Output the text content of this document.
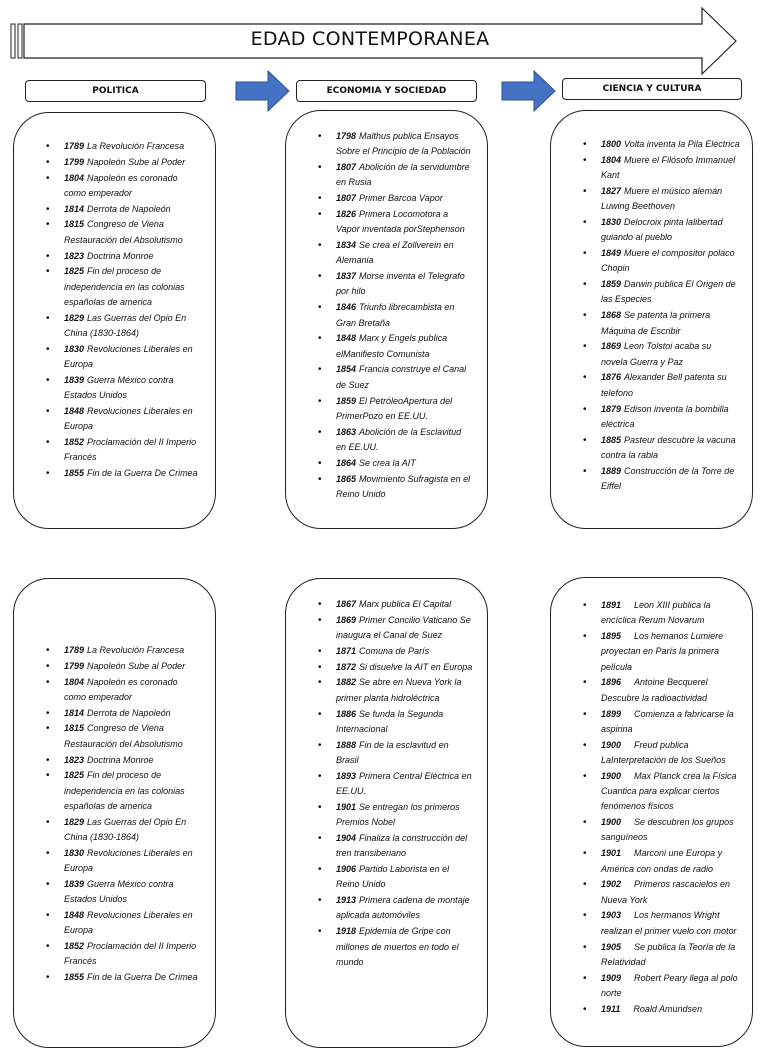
EDAD CONTEMPORANEA
POLITICA	ECONOMIA Y SOCIEDAD	CIENCIA Y CULTURA
• 1789 La Revolución Francesa
• 1799 Napoleón Sube al Poder
• 1804 Napoleón es coronado como emperador
• 1814 Derrota de Napoleón
• 1815 Congreso de Viena Restauración del Absolutismo
• 1823 Doctrina Monroe
• 1825 Fin del proceso de independencia en las colonias españolas de america
• 1829 Las Guerras del Opio En China (1830-1864)
• 1830 Revoluciones Liberales en Europa
• 1839 Guerra México contra Estados Unidos
• 1848 Revoluciones Liberales en Europa
• 1852 Proclamación del II Imperio Francés
• 1855 Fin de la Guerra De Crimea
• 1798 Malthus publica Ensayos Sobre el Principio de la Población
• 1807 Abolición de la servidumbre en Rusia
• 1807 Primer Barcoa Vapor
• 1826 Primera Locomotora a Vapor inventada porStephenson
• 1834 Se crea el Zollverein en Alemania
• 1837 Morse inventa el Telegrafo por hilo
• 1846 Triunfo librecambista en Gran Bretaña
• 1848 Marx y Engels publica elManifiesto Comunista
• 1854 Francia construye el Canal de Suez
• 1859 El PetróleoApertura del PrimerPozo en EE.UU.
• 1863 Abolición de la Esclavitud en EE.UU.
• 1864 Se crea la AIT
• 1865 Movimiento Sufragista en el Reino Unido
• 1800 Volta inventa la Pila Eléctrica
• 1804 Muere el Filósofo Immanuel Kant
• 1827 Muere el músico alemán Luwing Beethoven
• 1830 Delocroix pinta lalibertad guiando al pueblo
• 1849 Muere el compositor polaco Chopin
• 1859 Darwin publica El Origen de las Especies
• 1868 Se patenta la primera Máquina de Escribir
• 1869 Leon Tolstoi acaba su novela Guerra y Paz
• 1876 Alexander Bell patenta su telefono
• 1879 Edison inventa la bombilla eléctrica
• 1885 Pasteur descubre la vacuna contra la rabia
• 1889 Construcción de la Torre de Eiffel
• 1789 La Revolución Francesa
• 1799 Napoleón Sube al Poder
• 1804 Napoleón es coronado como emperador
• 1814 Derrota de Napoleón
• 1815 Congreso de Viena Restauración del Absolutismo
• 1823 Doctrina Monroe
• 1825 Fin del proceso de independencia en las colonias españolas de america
• 1829 Las Guerras del Opio En China (1830-1864)
• 1830 Revoluciones Liberales en Europa
• 1839 Guerra México contra Estados Unidos
• 1848 Revoluciones Liberales en Europa
• 1852 Proclamación del II Imperio Francés
• 1855 Fin de la Guerra De Crimea
• 1867 Marx publica El Capital
• 1869 Primer Concilio Vaticano Se inaugura el Canal de Suez
• 1871 Comuna de París
• 1872 Si disuelve la AIT en Europa
• 1882 Se abre en Nueva York la primer planta hidroléctrica
• 1886 Se funda la Segunda Internacional
• 1888 Fin de la esclavitud en Brasil
• 1893 Primera Central Eléctrica en EE.UU.
• 1901 Se entregan los primeros Premios Nobel
• 1904 Finaliza la construcción del tren transiberiano
• 1906 Partido Laborista en el Reino Unido
• 1913 Primera cadena de montaje aplicada automóviles
• 1918 Epidemia de Gripe con millones de muertos en todo el mundo
• 1891 Leon XIII publica la encíclica Rerum Novarum
• 1895 Los hemanos Lumiere proyectan en París la primera película
• 1896 Antoine Becquerel Descubre la radioactividad
• 1899 Comienza a fabricarse la aspirina
• 1900 Freud publica LaInterpretación de los Sueños
• 1900 Max Planck crea la Física Cuantica para explicar ciertos fenómenos físicos
• 1900 Se descubren los grupos sanguíneos
• 1901 Marconi une Europa y América con ondas de radio
• 1902 Primeros rascacielos en Nueva York
• 1903 Los hermanos Wright realizan el primer vuelo con motor
• 1905 Se publica la Teoría de la Relatividad
• 1909 Robert Peary llega al polo norte
• 1911 Roald Amundsen
